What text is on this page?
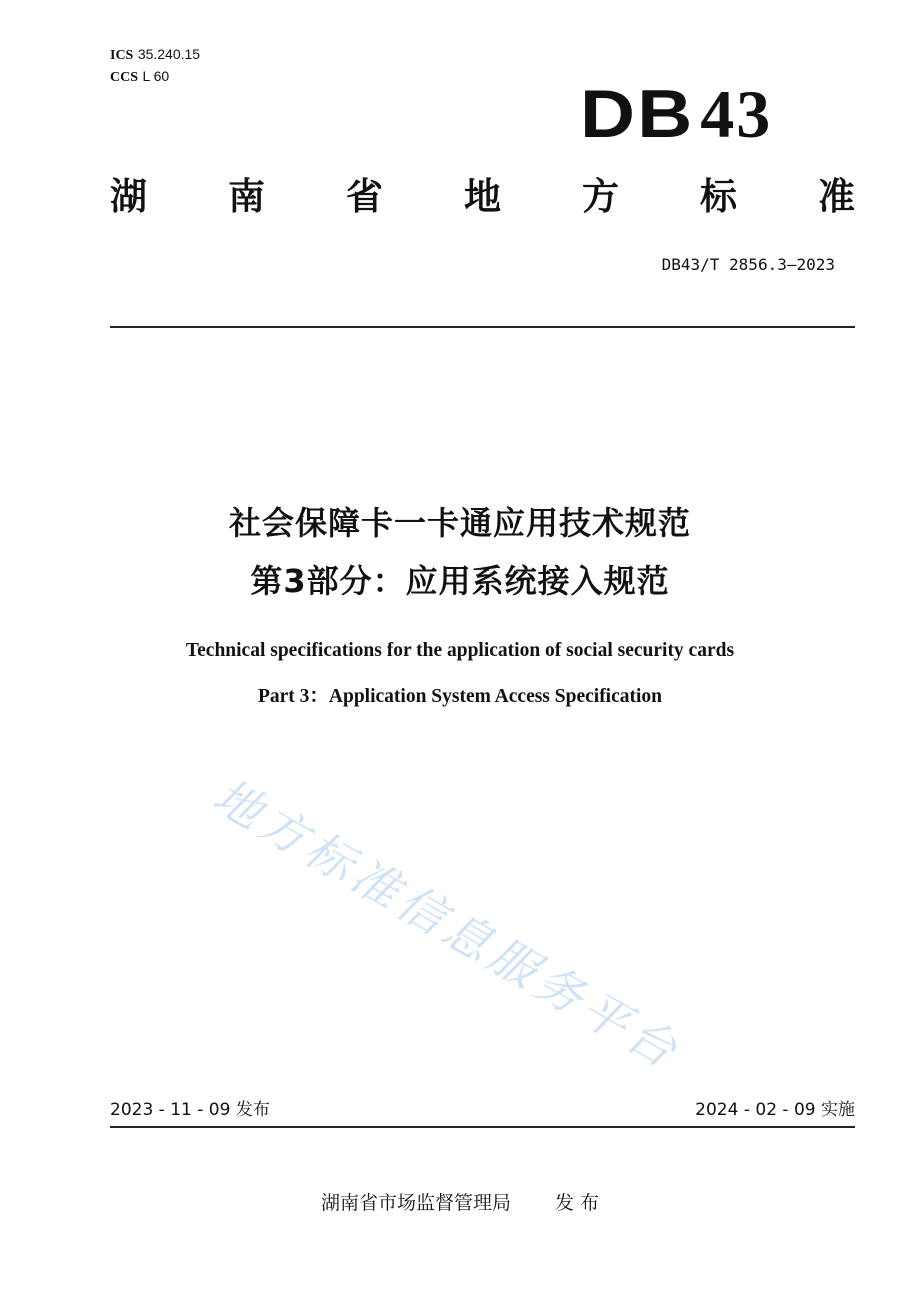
ICS 35.240.15
CCS L 60	DB43
湖 南 省 地 方 标 准
DB43/T 2856.3—2023
社会保障卡一卡通应用技术规范
第3部分：应用系统接入规范
Technical specifications for the application of social security cards
Part 3：Application System Access Specification
地方标准信息服务平台
2023 - 11 - 09 发布	2024 - 02 - 09 实施
湖南省市场监督管理局 发 布
